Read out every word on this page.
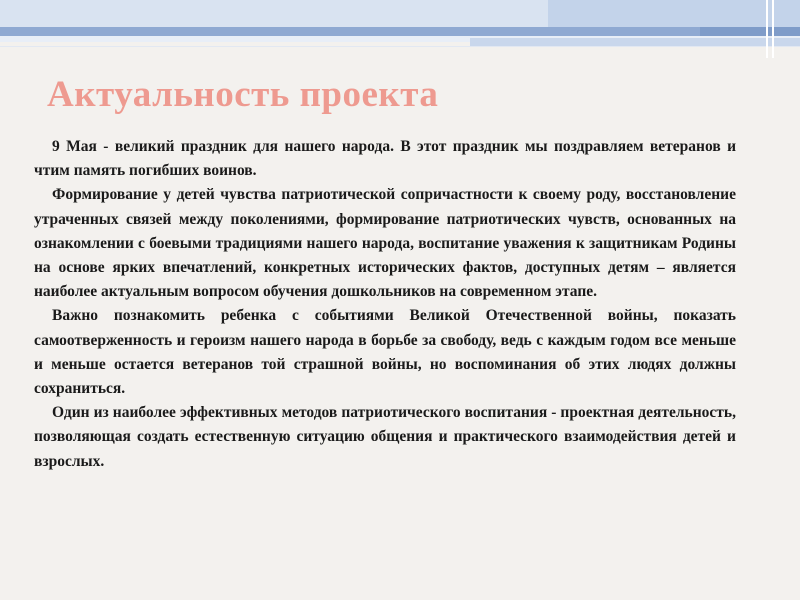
Актуальность проекта

9 Мая - великий праздник для нашего народа. В этот праздник мы поздравляем ветеранов и чтим память погибших воинов.

Формирование у детей чувства патриотической сопричастности к своему роду, восстановление утраченных связей между поколениями, формирование патриотических чувств, основанных на ознакомлении с боевыми традициями нашего народа, воспитание уважения к защитникам Родины на основе ярких впечатлений, конкретных исторических фактов, доступных детям – является наиболее актуальным вопросом обучения дошкольников на современном этапе.

Важно познакомить ребенка с событиями Великой Отечественной войны, показать самоотверженность и героизм нашего народа в борьбе за свободу, ведь с каждым годом все меньше и меньше остается ветеранов той страшной войны, но воспоминания об этих людях должны сохраниться.

Один из наиболее эффективных методов патриотического воспитания - проектная деятельность, позволяющая создать естественную ситуацию общения и практического взаимодействия детей и взрослых.
